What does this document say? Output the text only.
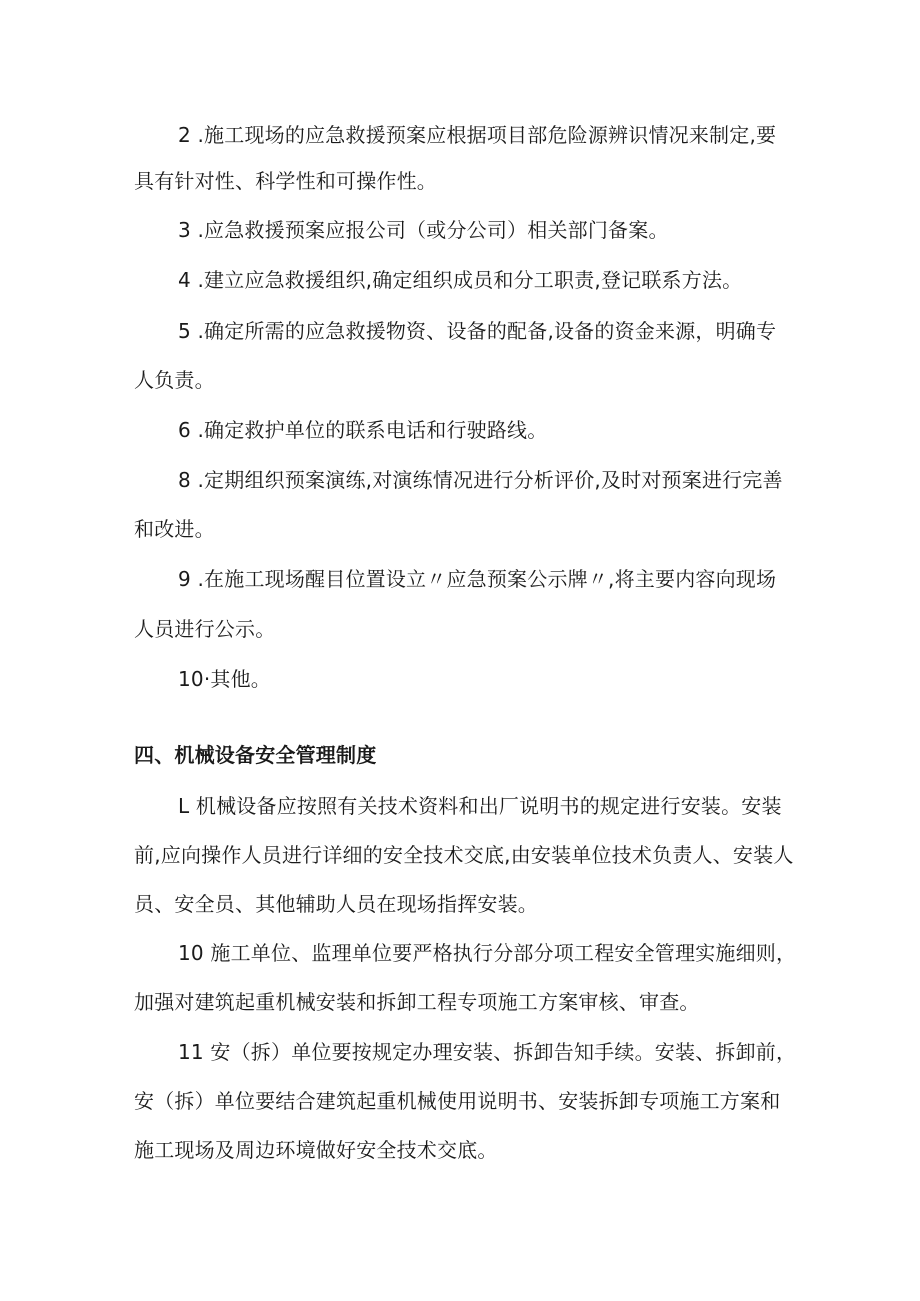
2 .施工现场的应急救援预案应根据项目部危险源辨识情况来制定,要
具有针对性、科学性和可操作性。
3 .应急救援预案应报公司（或分公司）相关部门备案。
4 .建立应急救援组织,确定组织成员和分工职责,登记联系方法。
5 .确定所需的应急救援物资、设备的配备,设备的资金来源，明确专
人负责。
6 .确定救护单位的联系电话和行驶路线。
8 .定期组织预案演练,对演练情况进行分析评价,及时对预案进行完善
和改进。
9 .在施工现场醒目位置设立〃应急预案公示牌〃,将主要内容向现场
人员进行公示。
10·其他。
四、机械设备安全管理制度
L 机械设备应按照有关技术资料和出厂说明书的规定进行安装。安装
前,应向操作人员进行详细的安全技术交底,由安装单位技术负责人、安装人
员、安全员、其他辅助人员在现场指挥安装。
10 施工单位、监理单位要严格执行分部分项工程安全管理实施细则，
加强对建筑起重机械安装和拆卸工程专项施工方案审核、审查。
11 安（拆）单位要按规定办理安装、拆卸告知手续。安装、拆卸前，
安（拆）单位要结合建筑起重机械使用说明书、安装拆卸专项施工方案和
施工现场及周边环境做好安全技术交底。
